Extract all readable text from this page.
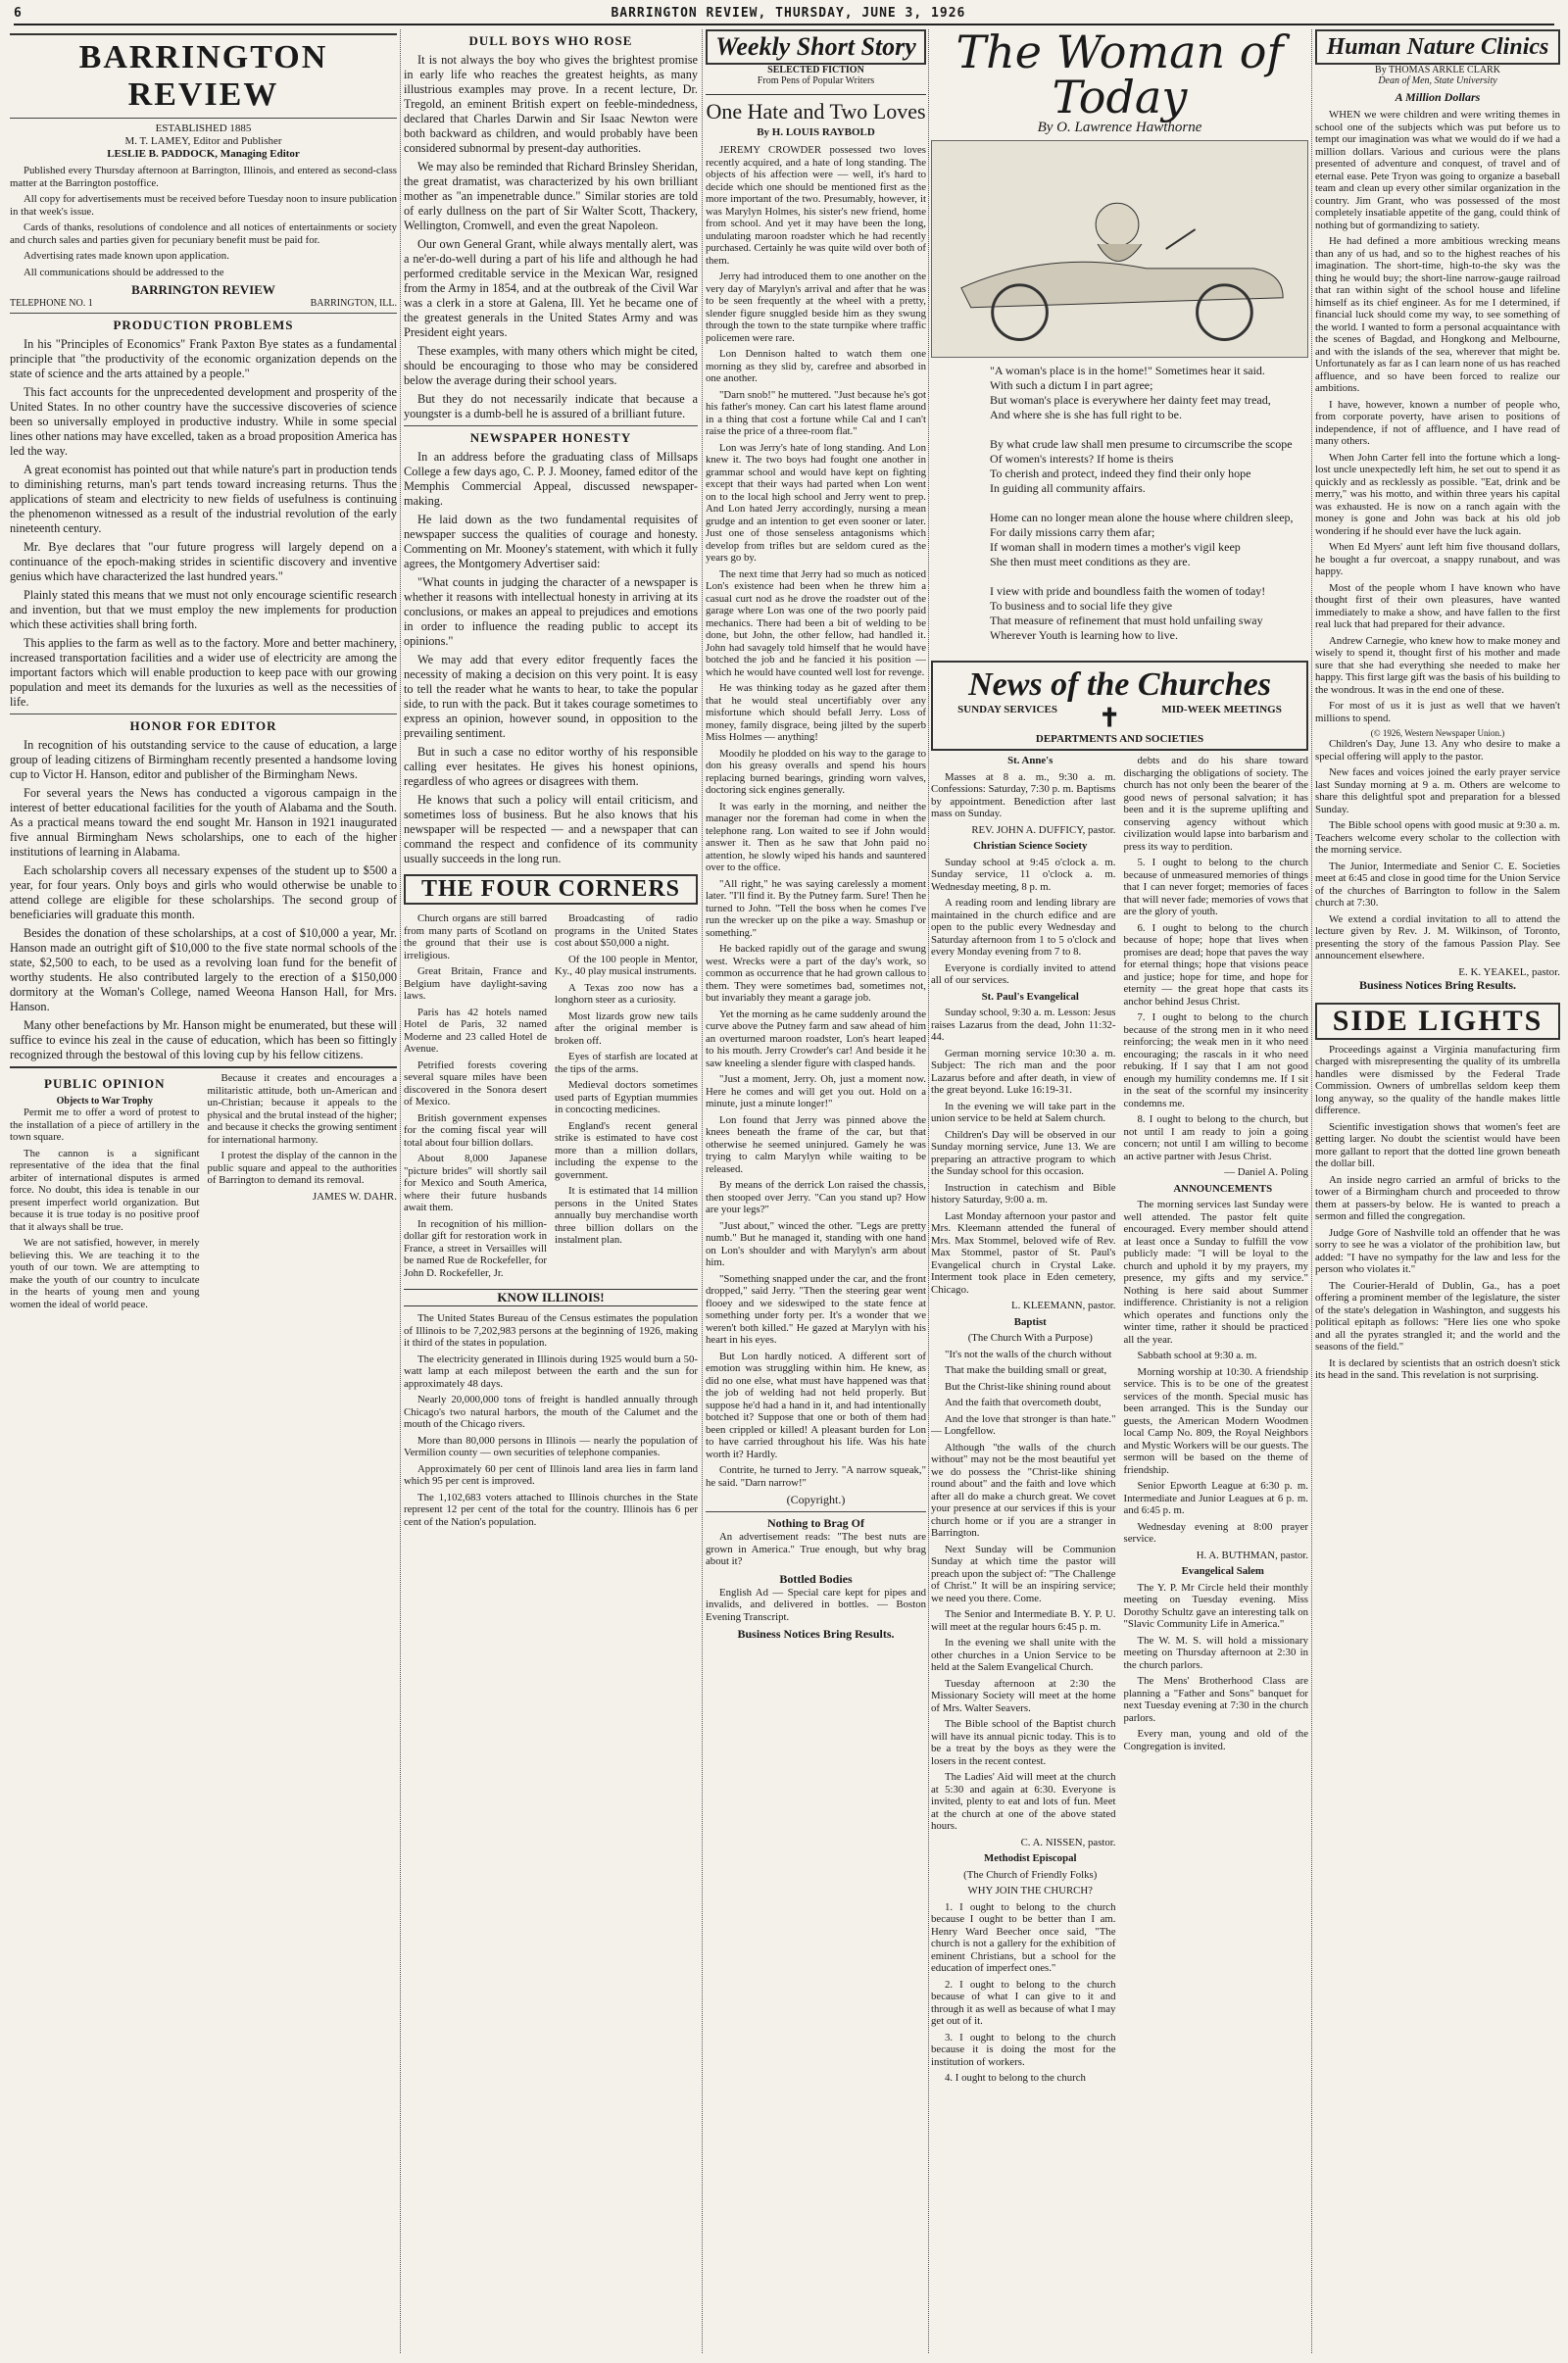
6	BARRINGTON REVIEW, THURSDAY, JUNE 3, 1926
BARRINGTON REVIEW
ESTABLISHED 1885
M. T. LAMEY, Editor and Publisher
LESLIE B. PADDOCK, Managing Editor

Published every Thursday afternoon at Barrington, Illinois, and entered as second-class matter at the Barrington postoffice.

All copy for advertisements must be received before Tuesday noon to insure publication in that week's issue.

Cards of thanks, resolutions of condolence and all notices of entertainments or society and church sales and parties given for pecuniary benefit must be paid for.

Advertising rates made known upon application.

All communications should be addressed to the

BARRINGTON REVIEW
TELEPHONE NO. 1	BARRINGTON, ILL.
PRODUCTION PROBLEMS

In his "Principles of Economics" Frank Paxton Bye states as a fundamental principle that "the productivity of the economic organization depends on the state of science and the arts attained by a people."

This fact accounts for the unprecedented development and prosperity of the United States. In no other country have the successive discoveries of science been so universally employed in productive industry. While in some special lines other nations may have excelled, taken as a broad proposition America has led the way.

A great economist has pointed out that while nature's part in production tends to diminishing returns, man's part tends toward increasing returns. Thus the applications of steam and electricity to new fields of usefulness is continuing the phenomenon witnessed as a result of the industrial revolution of the early nineteenth century.

Mr. Bye declares that "our future progress will largely depend on a continuance of the epoch-making strides in scientific discovery and inventive genius which have characterized the last hundred years."

Plainly stated this means that we must not only encourage scientific research and invention, but that we must employ the new implements for production which these activities shall bring forth.

This applies to the farm as well as to the factory. More and better machinery, increased transportation facilities and a wider use of electricity are among the important factors which will enable production to keep pace with our growing population and meet its demands for the luxuries as well as the necessities of life.

HONOR FOR EDITOR

In recognition of his outstanding service to the cause of education, a large group of leading citizens of Birmingham recently presented a handsome loving cup to Victor H. Hanson, editor and publisher of the Birmingham News.

For several years the News has conducted a vigorous campaign in the interest of better educational facilities for the youth of Alabama and the South. As a practical means toward the end sought Mr. Hanson in 1921 inaugurated five annual Birmingham News scholarships, one to each of the higher institutions of learning in Alabama.

Each scholarship covers all necessary expenses of the student up to $500 a year, for four years. Only boys and girls who would otherwise be unable to attend college are eligible for these scholarships. The second group of beneficiaries will graduate this month.

Besides the donation of these scholarships, at a cost of $10,000 a year, Mr. Hanson made an outright gift of $10,000 to the five state normal schools of the state, $2,500 to each, to be used as a revolving loan fund for the benefit of worthy students. He also contributed largely to the erection of a $150,000 dormitory at the Woman's College, named Weeona Hanson Hall, for Mrs. Hanson.

Many other benefactions by Mr. Hanson might be enumerated, but these will suffice to evince his zeal in the cause of education, which has been so fittingly recognized through the bestowal of this loving cup by his fellow citizens.

PUBLIC OPINION
Objects to War Trophy

Permit me to offer a word of protest to the installation of a piece of artillery in the town square.

The cannon is a significant representative of the idea that the final arbiter of international disputes is armed force. No doubt, this idea is tenable in our present imperfect world organization. But because it is true today is no positive proof that it always shall be true.

We are not satisfied, however, in merely believing this. We are teaching it to the youth of our town. We are attempting to make the youth of our country to inculcate in the hearts of young men and young women the ideal of world peace.

Because it creates and encourages a militaristic attitude, both un-American and un-Christian; because it appeals to the physical and the brutal instead of the higher; and because it checks the growing sentiment for international harmony.

I protest the display of the cannon in the public square and appeal to the authorities of Barrington to demand its removal.

JAMES W. DAHR.
DULL BOYS WHO ROSE

It is not always the boy who gives the brightest promise in early life who reaches the greatest heights, as many illustrious examples may prove. In a recent lecture, Dr. Tregold, an eminent British expert on feeble-mindedness, declared that Charles Darwin and Sir Isaac Newton were both backward as children, and would probably have been considered subnormal by present-day authorities.

We may also be reminded that Richard Brinsley Sheridan, the great dramatist, was characterized by his own brilliant mother as "an impenetrable dunce." Similar stories are told of early dullness on the part of Sir Walter Scott, Thackery, Wellington, Cromwell, and even the great Napoleon.

Our own General Grant, while always mentally alert, was a ne'er-do-well during a part of his life and although he had performed creditable service in the Mexican War, resigned from the Army in 1854, and at the outbreak of the Civil War was a clerk in a store at Galena, Ill. Yet he became one of the greatest generals in the United States Army and was President eight years.

These examples, with many others which might be cited, should be encouraging to those who may be considered below the average during their school years.

But they do not necessarily indicate that because a youngster is a dumb-bell he is assured of a brilliant future.

NEWSPAPER HONESTY

In an address before the graduating class of Millsaps College a few days ago, C. P. J. Mooney, famed editor of the Memphis Commercial Appeal, discussed newspaper-making.

He laid down as the two fundamental requisites of newspaper success the qualities of courage and honesty. Commenting on Mr. Mooney's statement, with which it fully agrees, the Montgomery Advertiser said:

"What counts in judging the character of a newspaper is whether it reasons with intellectual honesty in arriving at its conclusions, or makes an appeal to prejudices and emotions in order to influence the reading public to accept its opinions."

We may add that every editor frequently faces the necessity of making a decision on this very point. It is easy to tell the reader what he wants to hear, to take the popular side, to run with the pack. But it takes courage sometimes to express an opinion, however sound, in opposition to the prevailing sentiment.

But in such a case no editor worthy of his responsible calling ever hesitates. He gives his honest opinions, regardless of who agrees or disagrees with them.

He knows that such a policy will entail criticism, and sometimes loss of business. But he also knows that his newspaper will be respected — and a newspaper that can command the respect and confidence of its community usually succeeds in the long run.

THE FOUR CORNERS

Church organs are still barred from many parts of Scotland on the ground that their use is irreligious.

Great Britain, France and Belgium have daylight-saving laws.

Paris has 42 hotels named Hotel de Paris, 32 named Moderne and 23 called Hotel de Avenue.

Petrified forests covering several square miles have been discovered in the Sonora desert of Mexico.

British government expenses for the coming fiscal year will total about four billion dollars.

About 8,000 Japanese "picture brides" will shortly sail for Mexico and South America, where their future husbands await them.

In recognition of his million-dollar gift for restoration work in France, a street in Versailles will be named Rue de Rockefeller, for John D. Rockefeller, Jr.

Broadcasting of radio programs in the United States cost about $50,000 a night.

Of the 100 people in Mentor, Ky., 40 play musical instruments.

A Texas zoo now has a longhorn steer as a curiosity.

Most lizards grow new tails after the original member is broken off.

Eyes of starfish are located at the tips of the arms.

Medieval doctors sometimes used parts of Egyptian mummies in concocting medicines.

England's recent general strike is estimated to have cost more than a million dollars, including the expense to the government.

It is estimated that 14 million persons in the United States annually buy merchandise worth three billion dollars on the instalment plan.

KNOW ILLINOIS!

The United States Bureau of the Census estimates the population of Illinois to be 7,202,983 persons at the beginning of 1926, making it third of the states in population.

The electricity generated in Illinois during 1925 would burn a 50-watt lamp at each milepost between the earth and the sun for approximately 48 days.

Nearly 20,000,000 tons of freight is handled annually through Chicago's two natural harbors, the mouth of the Calumet and the mouth of the Chicago rivers.

More than 80,000 persons in Illinois — nearly the population of Vermilion county — own securities of telephone companies.

Approximately 60 per cent of Illinois land area lies in farm land which 95 per cent is improved.

The 1,102,683 voters attached to Illinois churches in the State represent 12 per cent of the total for the country. Illinois has 6 per cent of the Nation's population.

Weekly Short Story
SELECTED FICTION
From Pens of Popular Writers
One Hate and Two Loves
By H. LOUIS RAYBOLD

JEREMY CROWDER possessed two loves recently acquired, and a hate of long standing. The objects of his affection were — well, it's hard to decide which one should be mentioned first as the more important of the two. Presumably, however, it was Marylyn Holmes, his sister's new friend, home from school. And yet it may have been the long, undulating maroon roadster which he had recently purchased. Certainly he was quite wild over both of them.

Jerry had introduced them to one another on the very day of Marylyn's arrival and after that he was to be seen frequently at the wheel with a pretty, slender figure snuggled beside him as they swung through the town to the state turnpike where traffic policemen were rare.

Lon Dennison halted to watch them one morning as they slid by, carefree and absorbed in one another.

"Darn snob!" he muttered. "Just because he's got his father's money. Can cart his latest flame around in a thing that cost a fortune while Cal and I can't raise the price of a three-room flat."

Lon was Jerry's hate of long standing. And Lon knew it. The two boys had fought one another in grammar school and would have kept on fighting except that their ways had parted when Lon went on to the local high school and Jerry went to prep. And Lon hated Jerry accordingly, nursing a mean grudge and an intention to get even sooner or later. Just one of those senseless antagonisms which develop from trifles but are seldom cured as the years go by.

The next time that Jerry had so much as noticed Lon's existence had been when he threw him a casual curt nod as he drove the roadster out of the garage where Lon was one of the two poorly paid mechanics. There had been a bit of welding to be done, but John, the other fellow, had handled it. John had savagely told himself that he would have botched the job and he fancied it his position — which he would have counted well lost for revenge.

He was thinking today as he gazed after them that he would steal uncertifiably over any misfortune which should befall Jerry. Loss of money, family disgrace, being jilted by the superb Miss Holmes — anything!

Moodily he plodded on his way to the garage to don his greasy overalls and spend his hours replacing burned bearings, grinding worn valves, doctoring sick engines generally.

It was early in the morning, and neither the manager nor the foreman had come in when the telephone rang. Lon waited to see if John would answer it. Then as he saw that John paid no attention, he slowly wiped his hands and sauntered over to the office.

"All right," he was saying carelessly a moment later. "I'll find it. By the Putney farm. Sure! Then he turned to John. "Tell the boss when he comes I've run the wrecker up on the pike a way. Smashup or something."

He backed rapidly out of the garage and swung west. Wrecks were a part of the day's work, so common as occurrence that he had grown callous to them. They were sometimes bad, sometimes not, but invariably they meant a garage job.

Yet the morning as he came suddenly around the curve above the Putney farm and saw ahead of him an overturned maroon roadster, Lon's heart leaped to his mouth. Jerry Crowder's car! And beside it he saw kneeling a slender figure with clasped hands.

"Just a moment, Jerry. Oh, just a moment now. Here he comes and will get you out. Hold on a minute, just a minute longer!"

Lon found that Jerry was pinned above the knees beneath the frame of the car, but that otherwise he seemed uninjured. Gamely he was trying to calm Marylyn while waiting to be released.

By means of the derrick Lon raised the chassis, then stooped over Jerry. "Can you stand up? How are your legs?"

"Just about," winced the other. "Legs are pretty numb." But he managed it, standing with one hand on Lon's shoulder and with Marylyn's arm about him.

"Something snapped under the car, and the front dropped," said Jerry. "Then the steering gear went flooey and we sideswiped to the state fence at something under forty per. It's a wonder that we weren't both killed." He gazed at Marylyn with his heart in his eyes.

But Lon hardly noticed. A different sort of emotion was struggling within him. He knew, as did no one else, what must have happened was that the job of welding had not held properly. But suppose he'd had a hand in it, and had intentionally botched it? Suppose that one or both of them had been crippled or killed! A pleasant burden for Lon to have carried throughout his life. Was his hate worth it? Hardly.

Contrite, he turned to Jerry. "A narrow squeak," he said. "Darn narrow!"

(Copyright.)
Nothing to Brag Of

An advertisement reads: "The best nuts are grown in America." True enough, but why brag about it?

Bottled Bodies

English Ad — Special care kept for pipes and invalids, and delivered in bottles. — Boston Evening Transcript.

Business Notices Bring Results.
The Woman of Today
By O. Lawrence Hawthorne
"A woman's place is in the home!" Sometimes hear it said.
With such a dictum I in part agree;
But woman's place is everywhere her dainty feet may tread,
And where she is she has full right to be.

By what crude law shall men presume to circumscribe the scope
Of women's interests? If home is theirs
To cherish and protect, indeed they find their only hope
In guiding all community affairs.

Home can no longer mean alone the house where children sleep,
For daily missions carry them afar;
If woman shall in modern times a mother's vigil keep
She then must meet conditions as they are.

I view with pride and boundless faith the women of today!
To business and to social life they give
That measure of refinement that must hold unfailing sway
Wherever Youth is learning how to live.
News of the Churches
SUNDAY SERVICES ✝	MID-WEEK MEETINGS
DEPARTMENTS AND SOCIETIES

St. Anne's

Masses at 8 a. m., 9:30 a. m. Confessions: Saturday, 7:30 p. m. Baptisms by appointment. Benediction after last mass on Sunday.

REV. JOHN A. DUFFICY, pastor.

Christian Science Society

Sunday school at 9:45 o'clock a. m. Sunday service, 11 o'clock a. m. Wednesday meeting, 8 p. m.

A reading room and lending library are maintained in the church edifice and are open to the public every Wednesday and Saturday afternoon from 1 to 5 o'clock and every Monday evening from 7 to 8.

Everyone is cordially invited to attend all of our services.

St. Paul's Evangelical

Sunday school, 9:30 a. m. Lesson: Jesus raises Lazarus from the dead, John 11:32-44.

German morning service 10:30 a. m. Subject: The rich man and the poor Lazarus before and after death, in view of the great beyond. Luke 16:19-31.

In the evening we will take part in the union service to be held at Salem church.

Children's Day will be observed in our Sunday morning service, June 13. We are preparing an attractive program to which the Sunday school for this occasion.

Instruction in catechism and Bible history Saturday, 9:00 a. m.

Last Monday afternoon your pastor and Mrs. Kleemann attended the funeral of Mrs. Max Stommel, beloved wife of Rev. Max Stommel, pastor of St. Paul's Evangelical church in Crystal Lake. Interment took place in Eden cemetery, Chicago.

L. KLEEMANN, pastor.

Baptist

(The Church With a Purpose)

"It's not the walls of the church without

That make the building small or great,

But the Christ-like shining round about

And the faith that overcometh doubt,

And the love that stronger is than hate." — Longfellow.

Although "the walls of the church without" may not be the most beautiful yet we do possess the "Christ-like shining round about" and the faith and love which after all do make a church great. We covet your presence at our services if this is your church home or if you are a stranger in Barrington.

Next Sunday will be Communion Sunday at which time the pastor will preach upon the subject of: "The Challenge of Christ." It will be an inspiring service; we need you there. Come.

The Senior and Intermediate B. Y. P. U. will meet at the regular hours 6:45 p. m.

In the evening we shall unite with the other churches in a Union Service to be held at the Salem Evangelical Church.

Tuesday afternoon at 2:30 the Missionary Society will meet at the home of Mrs. Walter Seavers.

The Bible school of the Baptist church will have its annual picnic today. This is to be a treat by the boys as they were the losers in the recent contest.

The Ladies' Aid will meet at the church at 5:30 and again at 6:30. Everyone is invited, plenty to eat and lots of fun. Meet at the church at one of the above stated hours.

C. A. NISSEN, pastor.

Methodist Episcopal

(The Church of Friendly Folks)

WHY JOIN THE CHURCH?

1. I ought to belong to the church because I ought to be better than I am. Henry Ward Beecher once said, "The church is not a gallery for the exhibition of eminent Christians, but a school for the education of imperfect ones."

2. I ought to belong to the church because of what I can give to it and through it as well as because of what I may get out of it.

3. I ought to belong to the church because it is doing the most for the institution of workers.

4. I ought to belong to the church

debts and do his share toward discharging the obligations of society. The church has not only been the bearer of the good news of personal salvation; it has been and it is the supreme uplifting and conserving agency without which civilization would lapse into barbarism and press its way to perdition.

5. I ought to belong to the church because of unmeasured memories of things that I can never forget; memories of faces that will never fade; memories of vows that are the glory of youth.

6. I ought to belong to the church because of hope; hope that lives when promises are dead; hope that paves the way for eternal things; hope that visions peace and justice; hope for time, and hope for eternity — the great hope that casts its anchor behind Jesus Christ.

7. I ought to belong to the church because of the strong men in it who need reinforcing; the weak men in it who need encouraging; the rascals in it who need rebuking. If I say that I am not good enough my humility condemns me. If I sit in the seat of the scornful my insincerity condemns me.

8. I ought to belong to the church, but not until I am ready to join a going concern; not until I am willing to become an active partner with Jesus Christ.

— Daniel A. Poling

ANNOUNCEMENTS

The morning services last Sunday were well attended. The pastor felt quite encouraged. Every member should attend at least once a Sunday to fulfill the vow publicly made: "I will be loyal to the church and uphold it by my prayers, my presence, my gifts and my service." Nothing is here said about Summer indifference. Christianity is not a religion which operates and functions only the winter time, rather it should be practiced all the year.

Sabbath school at 9:30 a. m.

Morning worship at 10:30. A friendship service. This is to be one of the greatest services of the month. Special music has been arranged. This is the Sunday our guests, the American Modern Woodmen local Camp No. 809, the Royal Neighbors and Mystic Workers will be our guests. The sermon will be based on the theme of friendship.

Senior Epworth League at 6:30 p. m. Intermediate and Junior Leagues at 6 p. m. and 6:45 p. m.

Wednesday evening at 8:00 prayer service.

H. A. BUTHMAN, pastor.

Evangelical Salem

The Y. P. Mr Circle held their monthly meeting on Tuesday evening. Miss Dorothy Schultz gave an interesting talk on "Slavic Community Life in America."

The W. M. S. will hold a missionary meeting on Thursday afternoon at 2:30 in the church parlors.

The Mens' Brotherhood Class are planning a "Father and Sons" banquet for next Tuesday evening at 7:30 in the church parlors.

Every man, young and old of the Congregation is invited.

Human Nature Clinics
By THOMAS ARKLE CLARK
Dean of Men, State University
A Million Dollars

WHEN we were children and were writing themes in school one of the subjects which was put before us to tempt our imagination was what we would do if we had a million dollars. Various and curious were the plans presented of adventure and conquest, of travel and of eternal ease. Pete Tryon was going to organize a baseball team and clean up every other similar organization in the country. Jim Grant, who was possessed of the most completely insatiable appetite of the gang, could think of nothing but of gormandizing to satiety.

He had defined a more ambitious wrecking means than any of us had, and so to the highest reaches of his imagination. The short-time, high-to-the sky was the thing he would buy; the short-line narrow-gauge railroad that ran within sight of the school house and lifeline himself as its chief engineer. As for me I determined, if financial luck should come my way, to see something of the world. I wanted to form a personal acquaintance with the scenes of Bagdad, and Hongkong and Melbourne, and with the islands of the sea, wherever that might be. Unfortunately as far as I can learn none of us has reached affluence, and so have been forced to realize our ambitions.

I have, however, known a number of people who, from corporate poverty, have arisen to positions of independence, if not of affluence, and I have read of many others.

When John Carter fell into the fortune which a long-lost uncle unexpectedly left him, he set out to spend it as quickly and as recklessly as possible. "Eat, drink and be merry," was his motto, and within three years his capital was exhausted. He is now on a ranch again with the money is gone and John was back at his old job wondering if he should ever have the luck again.

When Ed Myers' aunt left him five thousand dollars, he bought a fur overcoat, a snappy runabout, and was happy.

Most of the people whom I have known who have thought first of their own pleasures, have wanted immediately to make a show, and have fallen to the first real luck that had prepared for their advance.

Andrew Carnegie, who knew how to make money and wisely to spend it, thought first of his mother and made sure that she had everything she needed to make her happy. This first large gift was the basis of his building to the wondrous. It was in the end one of these.

For most of us it is just as well that we haven't millions to spend.

(© 1926, Western Newspaper Union.)

Children's Day, June 13. Any who desire to make a special offering will apply to the pastor.

New faces and voices joined the early prayer service last Sunday morning at 9 a. m. Others are welcome to share this delightful spot and preparation for a blessed Sunday.

The Bible school opens with good music at 9:30 a. m. Teachers welcome every scholar to the collection with the morning service.

The Junior, Intermediate and Senior C. E. Societies meet at 6:45 and close in good time for the Union Service of the churches of Barrington to follow in the Salem church at 7:30.

We extend a cordial invitation to all to attend the lecture given by Rev. J. M. Wilkinson, of Toronto, presenting the story of the famous Passion Play. See announcement elsewhere.

E. K. YEAKEL, pastor.
Business Notices Bring Results.
SIDE LIGHTS

Proceedings against a Virginia manufacturing firm charged with misrepresenting the quality of its umbrella handles were dismissed by the Federal Trade Commission. Owners of umbrellas seldom keep them long anyway, so the quality of the handle makes little difference.

Scientific investigation shows that women's feet are getting larger. No doubt the scientist would have been more gallant to report that the dotted line grown beneath the dollar bill.

An inside negro carried an armful of bricks to the tower of a Birmingham church and proceeded to throw them at passers-by below. He is wanted to preach a sermon and filled the congregation.

Judge Gore of Nashville told an offender that he was sorry to see he was a violator of the prohibition law, but added: "I have no sympathy for the law and less for the person who violates it."

The Courier-Herald of Dublin, Ga., has a poet offering a prominent member of the legislature, the sister of the state's delegation in Washington, and suggests his political epitaph as follows: "Here lies one who spoke and all the pyrates strangled it; and the world and the seasons of the field."

It is declared by scientists that an ostrich doesn't stick its head in the sand. This revelation is not surprising.
